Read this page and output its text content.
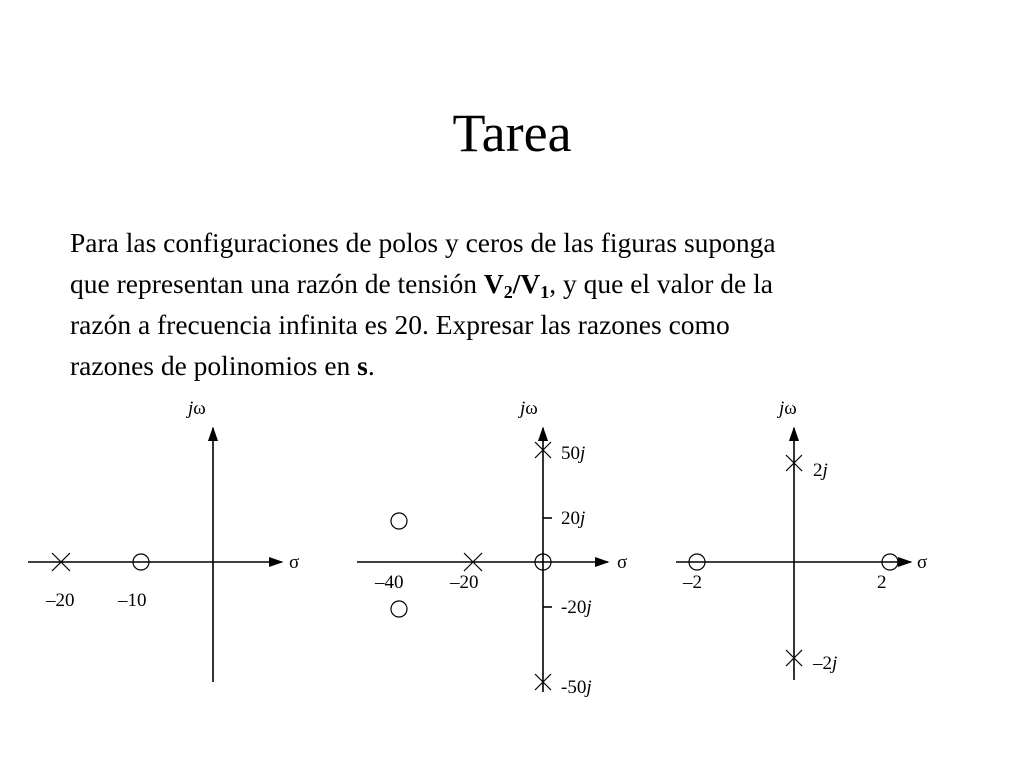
Tarea
Para las configuraciones de polos y ceros de las figuras suponga
que representan una razón de tensión $V_2/V_1$, y que el valor de la
razón a frecuencia infinita es 20. Expresar las razones como
razones de polinomios en s.
jω
σ
–20 –10
jω
σ
–40 –20
50j
20j
-20j
-50j
jω
σ
–2	2
2j
–2j
